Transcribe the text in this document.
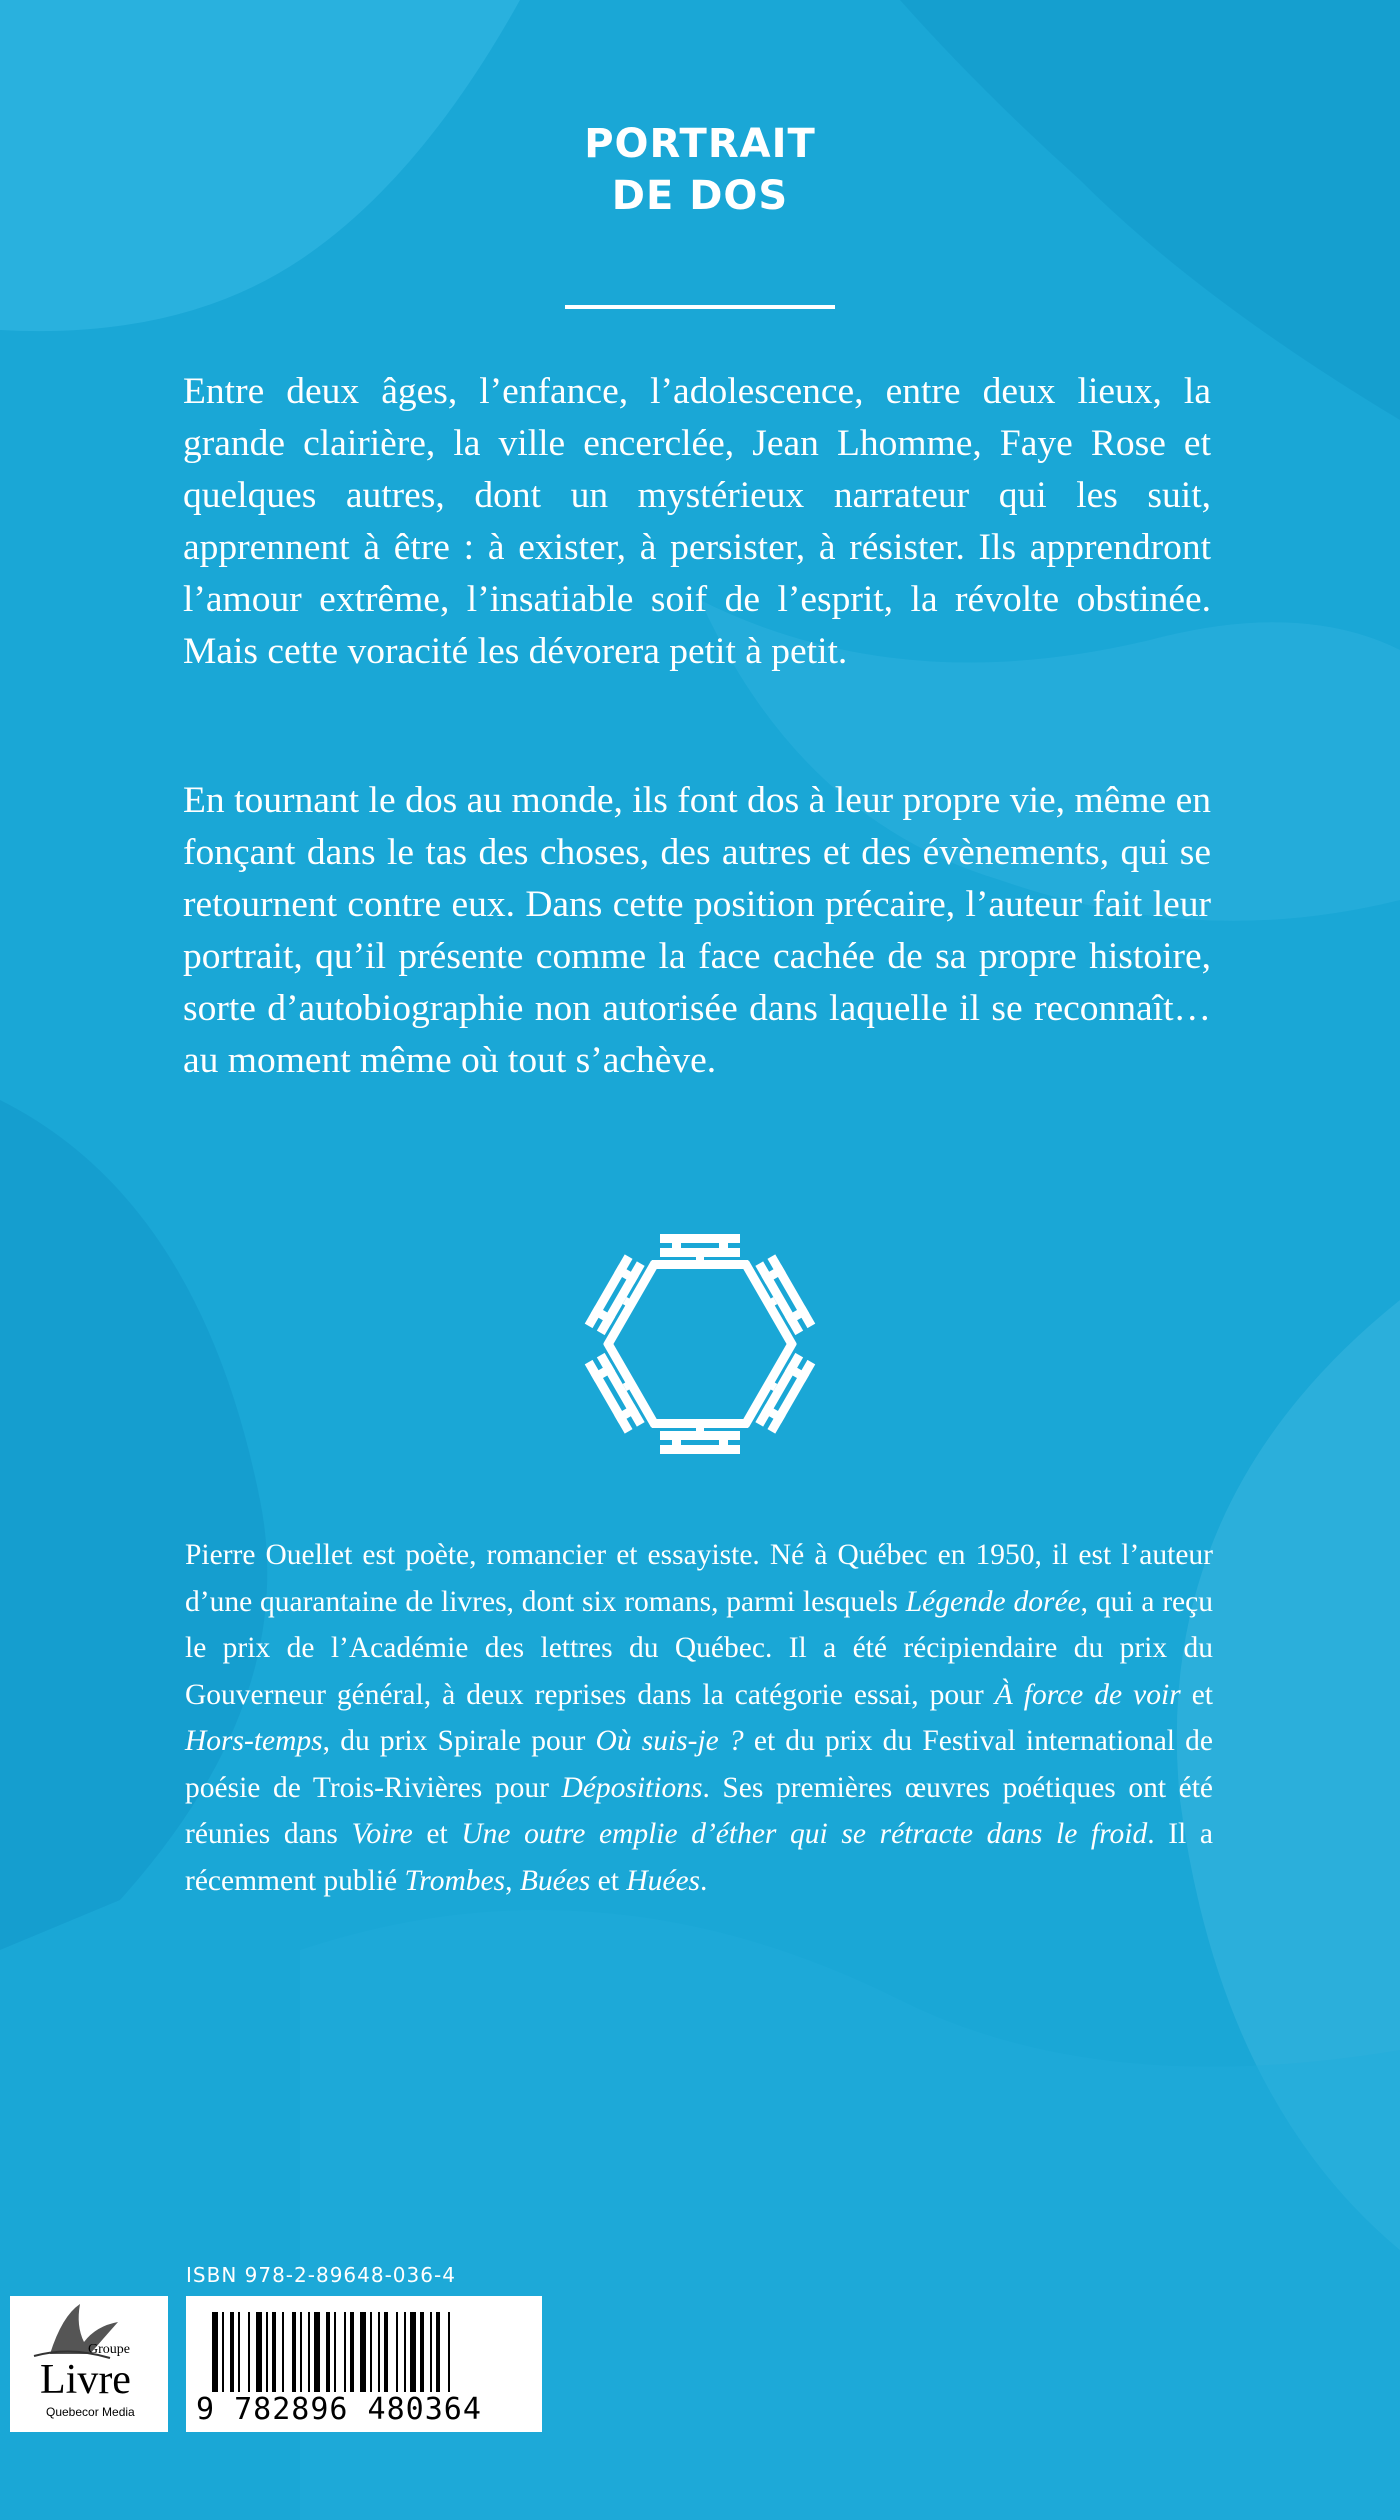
PORTRAIT
DE DOS
Entre deux âges, l’enfance, l’adolescence, entre deux lieux, la grande clairière, la ville encerclée, Jean Lhomme, Faye Rose et quelques autres, dont un mystérieux narrateur qui les suit, apprennent à être : à exister, à persister, à résister. Ils apprendront l’amour extrême, l’insatiable soif de l’esprit, la révolte obstinée. Mais cette voracité les dévorera petit à petit.
En tournant le dos au monde, ils font dos à leur propre vie, même en fonçant dans le tas des choses, des autres et des évènements, qui se retournent contre eux. Dans cette position précaire, l’auteur fait leur portrait, qu’il présente comme la face cachée de sa propre histoire, sorte d’autobiographie non autorisée dans laquelle il se reconnaît… au moment même où tout s’achève.
Pierre Ouellet est poète, romancier et essayiste. Né à Québec en 1950, il est l’auteur d’une quarantaine de livres, dont six romans, parmi lesquels Légende dorée, qui a reçu le prix de l’Académie des lettres du Québec. Il a été récipiendaire du prix du Gouverneur général, à deux reprises dans la catégorie essai, pour À force de voir et Hors-temps, du prix Spirale pour Où suis-je ? et du prix du Festival international de poésie de Trois-Rivières pour Dépositions. Ses premières œuvres poétiques ont été réunies dans Voire et Une outre emplie d’éther qui se rétracte dans le froid. Il a récemment publié Trombes, Buées et Huées.
Groupe
Livre
Quebecor Media
ISBN 978-2-89648-036-4
9 782896 480364
